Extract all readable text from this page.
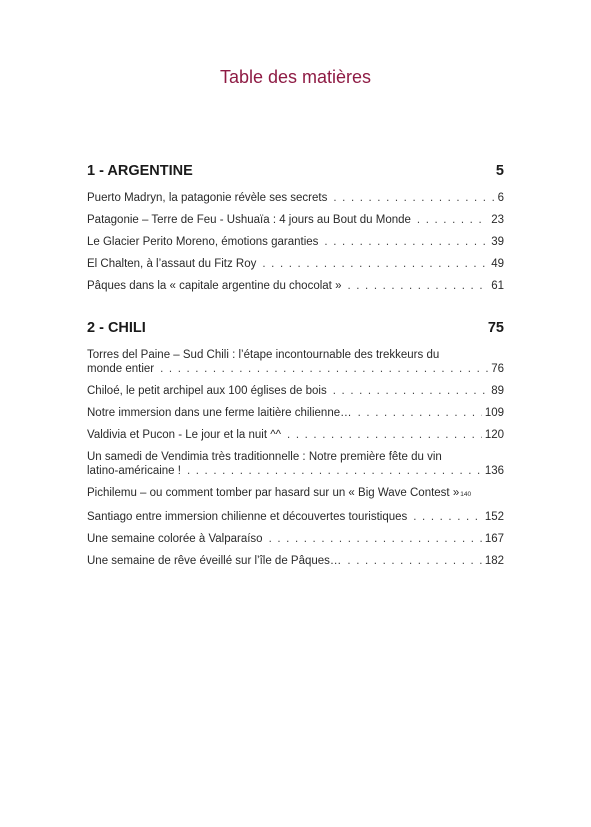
Table des matières
1 - ARGENTINE	5
Puerto Madryn, la patagonie révèle ses secrets . . .	6
Patagonie – Terre de Feu - Ushuaïa : 4 jours au Bout du Monde . . .	23
Le Glacier Perito Moreno, émotions garanties . . .	39
El Chalten, à l’assaut du Fitz Roy . . .	49
Pâques dans la « capitale argentine du chocolat » . . .	61
2 - CHILI	75
Torres del Paine – Sud Chili : l’étape incontournable des trekkeurs du
monde entier . . .	76
Chiloé, le petit archipel aux 100 églises de bois . . .	89
Notre immersion dans une ferme laitière chilienne… . . .	109
Valdivia et Pucon - Le jour et la nuit ^^ . . .	120
Un samedi de Vendimia très traditionnelle : Notre première fête du vin
latino-américaine ! . . .	136
Pichilemu – ou comment tomber par hasard sur un « Big Wave Contest » 140
Santiago entre immersion chilienne et découvertes touristiques . . .	152
Une semaine colorée à Valparaíso . . .	167
Une semaine de rêve éveillé sur l’île de Pâques… . . .	182
